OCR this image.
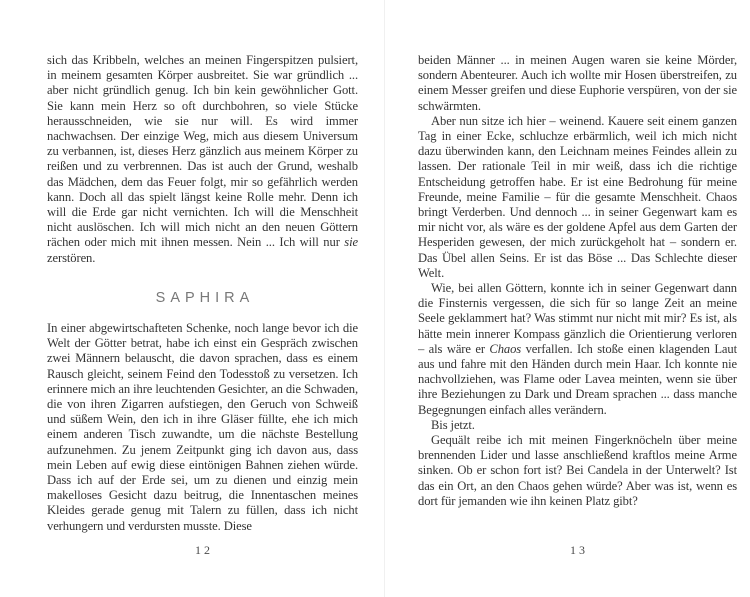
sich das Kribbeln, welches an meinen Fingerspitzen pulsiert, in meinem gesamten Körper ausbreitet. Sie war gründlich ... aber nicht gründlich genug. Ich bin kein gewöhnlicher Gott. Sie kann mein Herz so oft durchbohren, so viele Stücke herausschneiden, wie sie nur will. Es wird immer nachwachsen. Der einzige Weg, mich aus diesem Universum zu verbannen, ist, dieses Herz gänzlich aus meinem Körper zu reißen und zu verbrennen. Das ist auch der Grund, weshalb das Mädchen, dem das Feuer folgt, mir so gefährlich werden kann. Doch all das spielt längst keine Rolle mehr. Denn ich will die Erde gar nicht vernichten. Ich will die Menschheit nicht auslöschen. Ich will mich nicht an den neuen Göttern rächen oder mich mit ihnen messen. Nein ... Ich will nur sie zerstören.

SAPHIRA

In einer abgewirtschafteten Schenke, noch lange bevor ich die Welt der Götter betrat, habe ich einst ein Gespräch zwischen zwei Männern belauscht, die davon sprachen, dass es einem Rausch gleicht, seinem Feind den Todesstoß zu versetzen. Ich erinnere mich an ihre leuchtenden Gesichter, an die Schwaden, die von ihren Zigarren aufstiegen, den Geruch von Schweiß und süßem Wein, den ich in ihre Gläser füllte, ehe ich mich einem anderen Tisch zuwandte, um die nächste Bestellung aufzunehmen. Zu jenem Zeitpunkt ging ich davon aus, dass mein Leben auf ewig diese eintönigen Bahnen ziehen würde. Dass ich auf der Erde sei, um zu dienen und einzig mein makelloses Gesicht dazu beitrug, die Innentaschen meines Kleides gerade genug mit Talern zu füllen, dass ich nicht verhungern und verdursten musste. Diese

beiden Männer ... in meinen Augen waren sie keine Mörder, sondern Abenteurer. Auch ich wollte mir Hosen überstreifen, zu einem Messer greifen und diese Euphorie verspüren, von der sie schwärmten.

Aber nun sitze ich hier – weinend. Kauere seit einem ganzen Tag in einer Ecke, schluchze erbärmlich, weil ich mich nicht dazu überwinden kann, den Leichnam meines Feindes allein zu lassen. Der rationale Teil in mir weiß, dass ich die richtige Entscheidung getroffen habe. Er ist eine Bedrohung für meine Freunde, meine Familie – für die gesamte Menschheit. Chaos bringt Verderben. Und dennoch ... in seiner Gegenwart kam es mir nicht vor, als wäre es der goldene Apfel aus dem Garten der Hesperiden gewesen, der mich zurückgeholt hat – sondern er. Das Übel allen Seins. Er ist das Böse ... Das Schlechte dieser Welt.

Wie, bei allen Göttern, konnte ich in seiner Gegenwart dann die Finsternis vergessen, die sich für so lange Zeit an meine Seele geklammert hat? Was stimmt nur nicht mit mir? Es ist, als hätte mein innerer Kompass gänzlich die Orientierung verloren – als wäre er Chaos verfallen. Ich stoße einen klagenden Laut aus und fahre mit den Händen durch mein Haar. Ich konnte nie nachvollziehen, was Flame oder Lavea meinten, wenn sie über ihre Beziehungen zu Dark und Dream sprachen ... dass manche Begegnungen einfach alles verändern.

Bis jetzt.

Gequält reibe ich mit meinen Fingerknöcheln über meine brennenden Lider und lasse anschließend kraftlos meine Arme sinken. Ob er schon fort ist? Bei Candela in der Unterwelt? Ist das ein Ort, an den Chaos gehen würde? Aber was ist, wenn es dort für jemanden wie ihn keinen Platz gibt?

12	13
